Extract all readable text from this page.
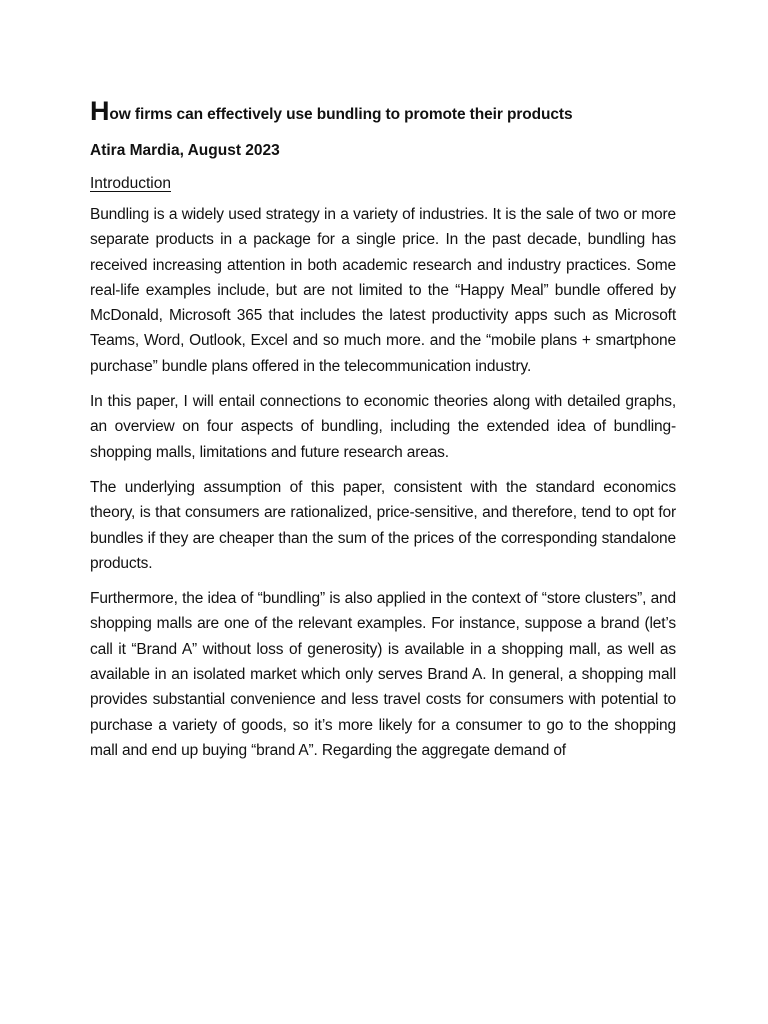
How firms can effectively use bundling to promote their products

Atira Mardia, August 2023

Introduction

Bundling is a widely used strategy in a variety of industries. It is the sale of two or more separate products in a package for a single price. In the past decade, bundling has received increasing attention in both academic research and industry practices. Some real-life examples include, but are not limited to the “Happy Meal” bundle offered by McDonald, Microsoft 365 that includes the latest productivity apps such as Microsoft Teams, Word, Outlook, Excel and so much more. and the “mobile plans + smartphone purchase” bundle plans offered in the telecommunication industry.

In this paper, I will entail connections to economic theories along with detailed graphs, an overview on four aspects of bundling, including the extended idea of bundling-shopping malls, limitations and future research areas.

The underlying assumption of this paper, consistent with the standard economics theory, is that consumers are rationalized, price-sensitive, and therefore, tend to opt for bundles if they are cheaper than the sum of the prices of the corresponding standalone products.

Furthermore, the idea of “bundling” is also applied in the context of “store clusters”, and shopping malls are one of the relevant examples. For instance, suppose a brand (let’s call it “Brand A” without loss of generosity) is available in a shopping mall, as well as available in an isolated market which only serves Brand A. In general, a shopping mall provides substantial convenience and less travel costs for consumers with potential to purchase a variety of goods, so it’s more likely for a consumer to go to the shopping mall and end up buying “brand A”. Regarding the aggregate demand of
